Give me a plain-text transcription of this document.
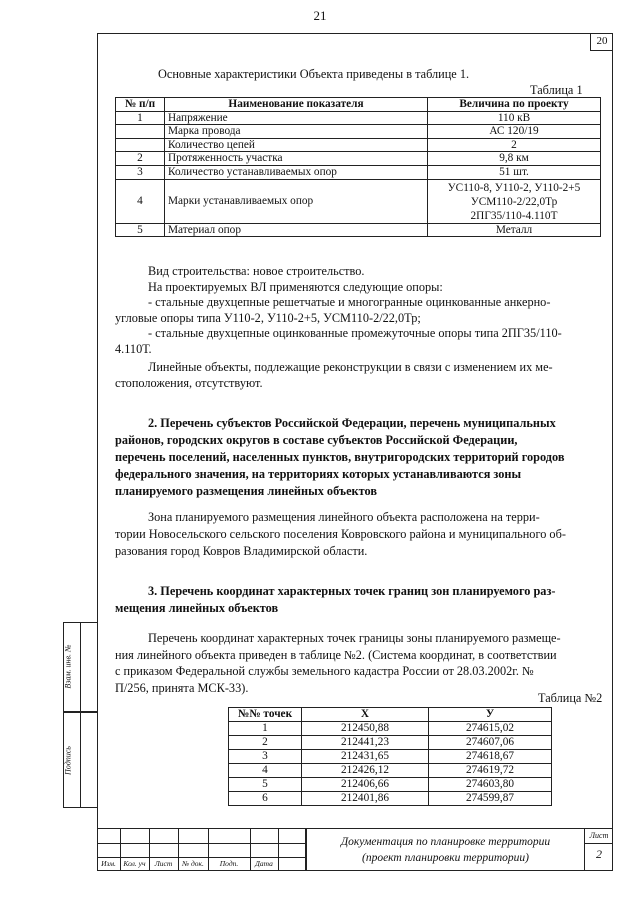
21
20

Основные характеристики Объекта приведены в таблице 1.

Таблица 1

№ п/п	Наименование показателя	Величина по проекту
1	Напряжение	110 кВ
	Марка провода	АС 120/19
	Количество цепей	2
2	Протяженность участка	9,8 км
3	Количество устанавливаемых опор	51 шт.
4	Марки устанавливаемых опор	УС110-8, У110-2, У110-2+5
УСМ110-2/22,0Тр
2ПГ35/110-4.110Т

5	Материал опор	Металл

Вид строительства: новое строительство.

На проектируемых ВЛ применяются следующие опоры:

- стальные двухцепные решетчатые и многогранные оцинкованные анкерно-

угловые опоры типа У110-2, У110-2+5, УСМ110-2/22,0Тр;

- стальные двухцепные оцинкованные промежуточные опоры типа 2ПГ35/110-

4.110Т.

Линейные объекты, подлежащие реконструкции в связи с изменением их ме-

стоположения, отсутствуют.

2. Перечень субъектов Российской Федерации, перечень муниципальных

районов, городских округов в составе субъектов Российской Федерации,

перечень поселений, населенных пунктов, внутригородских территорий городов

федерального значения, на территориях которых устанавливаются зоны

планируемого размещения линейных объектов

Зона планируемого размещения линейного объекта расположена на терри-

тории Новосельского сельского поселения Ковровского района и муниципального об-

разования город Ковров Владимирской области.

3. Перечень координат характерных точек границ зон планируемого раз-

мещения линейных объектов

Перечень координат характерных точек границы зоны планируемого размеще-

ния линейного объекта приведен в таблице №2. (Система координат, в соответствии

с приказом Федеральной службы земельного кадастра России от 28.03.2002г. №

П/256, принята МСК-33).

Таблица №2

№№ точек	X	У
1	212450,88	274615,02
2	212441,23	274607,06
3	212431,65	274618,67
4	212426,12	274619,72
5	212406,66	274603,80
6	212401,86	274599,87
Взам. инв. №
Подпись
Изм.	Кол. уч	Лист	№ док.	Подп.	Дата
Документация по планировке территории
(проект планировки территории)
Лист
2
